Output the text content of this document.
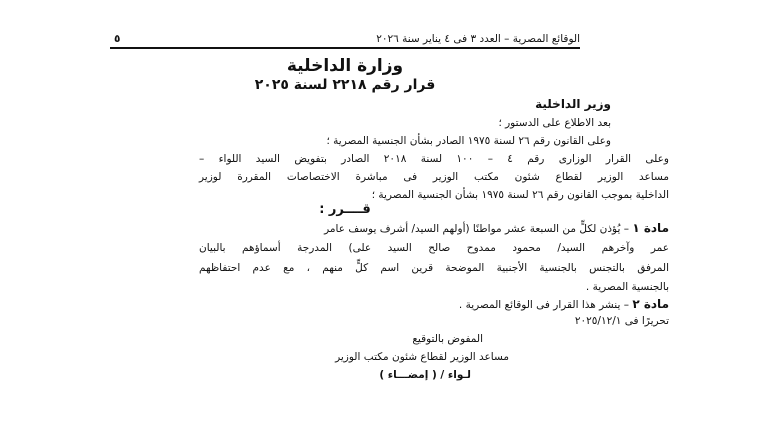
الوقائع المصرية – العدد ٣ فى ٤ يناير سنة ٢٠٢٦
٥
وزارة الداخلية
قرار رقم ٢٢١٨ لسنة ٢٠٢٥
وزير الداخلية
بعد الاطلاع على الدستور ؛
وعلى القانون رقم ٢٦ لسنة ١٩٧٥ الصادر بشأن الجنسية المصرية ؛
وعلى القرار الوزارى رقم ٤ – ١٠٠ لسنة ٢٠١٨ الصادر بتفويض السيد اللواء –
مساعد الوزير لقطاع شئون مكتب الوزير فى مباشرة الاختصاصات المقررة لوزير
الداخلية بموجب القانون رقم ٢٦ لسنة ١٩٧٥ بشأن الجنسية المصرية ؛
قــــرر :
مادة ١ – يُؤذن لكلٍّ من السبعة عشر مواطنًا (أولهم السيد/ أشرف يوسف عامر
عمر وآخرهم السيد/ محمود ممدوح صالح السيد على) المدرجة أسماؤهم بالبيان
المرفق بالتجنس بالجنسية الأجنبية الموضحة قرين اسم كلٍّ منهم ، مع عدم احتفاظهم
بالجنسية المصرية .
مادة ٢ – ينشر هذا القرار فى الوقائع المصرية .
تحريرًا فى ٢٠٢٥/١٢/١
المفوض بالتوقيع
مساعد الوزير لقطاع شئون مكتب الوزير
لـواء / ( إمضـــاء )
